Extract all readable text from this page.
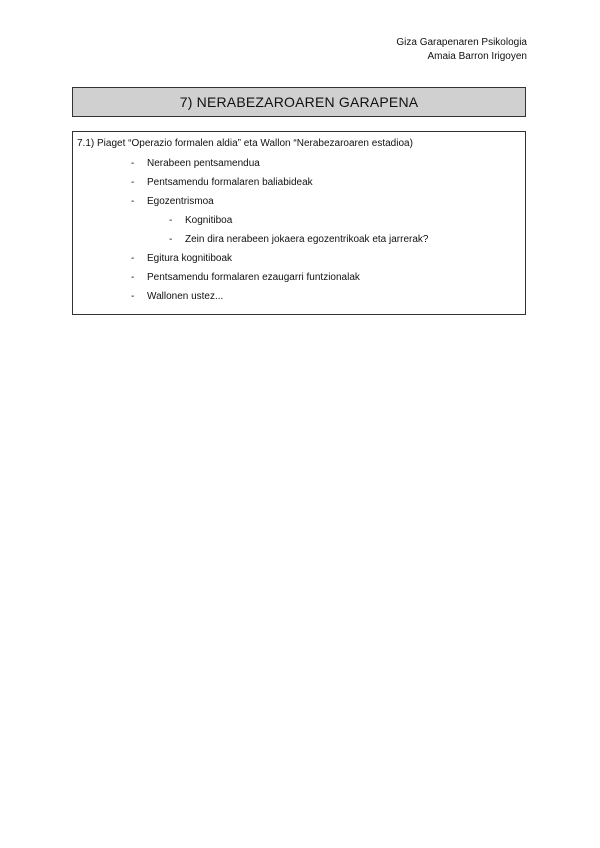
Giza Garapenaren Psikologia
Amaia Barron Irigoyen
7) NERABEZAROAREN GARAPENA
7.1) Piaget “Operazio formalen aldia” eta Wallon “Nerabezaroaren estadioa)
- Nerabeen pentsamendua
- Pentsamendu formalaren baliabideak
- Egozentrismoa
- Kognitiboa
- Zein dira nerabeen jokaera egozentrikoak eta jarrerak?
- Egitura kognitiboak
- Pentsamendu formalaren ezaugarri funtzionalak
- Wallonen ustez...
